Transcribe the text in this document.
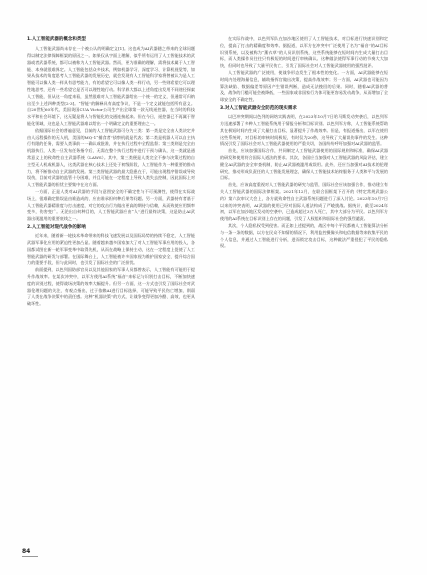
1.人工智能武器的概念和类型

人工智能武器尚未存在一个被公认的明确定义[1]。这也成为AI武器随之带来的全球问题得以制定法律保障框架的原因之一。如果仅从字面上理解，似乎所有运用了人工智能技术的武器或者武器系统，都可以被称为人工智能武器。然而，更为准确的理解，需将技术属于人工智能、本身就很难界定。人工智能包括众多技术，例如机器学习、深度学习、计算机视觉等，如果从技术的角度思考人工智能武器的发展历史，就会发现有人工智能科学家将曾被认为是人工智能可以像人类一样具有思考能力，有的希望它可以像人类一样行动，另一些则希望它可以理性地思考，还有一些希望它是否可以理性地行动。科学界大都以上述角度出发用不同途径探索人工智能，但从这一角度来看，虽然很难对人工智能武器给出一个统一的定义，但通常可归纳出至少上述四种类型[2-3]。“智能”的解释具有高度争议，不是一个定义就能包括所有意义。自20世纪60年代，美国英国CUA Victor公司生产出全球第一款无线遥控器，在当时的科技水平和社会环境下，这无疑是将人与智能化的交通连接起来。但在今日，遥控器已不再属于智能化领域，这也是人工智能武器难以给出一个明确定义的重要理由之一。

依据国际社会的普遍意见，目前的人工智能武器可分为三类：第一类是完全由人类决定并由人远程操作的无人机，美国的MQ-1“捕食者”侦察机就是代表；第二类是机器人可以自主执行有限的任务，需要人类事前一一确认或批准，并在执行过程中全程监督；第三类则是完全由机器执行，人类一旦发布任务指令后，无需在整个执行过程中进行干预与确认，这一类就是通常意义上的致命性自主武器系统（LAWS）。其中，第三类便是人类完全不参与决策过程的自主型无人机或机器人，这类武器在核心技术上还处于初级阶段，人工智能作为一种重要的推动力，将不断推动自主武器的发展。第三类智能武器的最大隐患在于，可能出现程序错误或导致误伤，目前对武器的监管十分困难，并且可能在一定程度上导致人类失去控制，因此国际上对人工智能武器的担忧主要集中在这方面。

一方面，正是人类对AI武器的手段与意图安全的不确定性与不可预测性，使得在实际战场上，很难确定错误是由谁造成的、应由谁承担何种后果等问题。另一方面，武器持有者基于人工智能武器精准度与打击速度，对它的攻击行为做出更高的期待与信赖，从而致使应用频率变多，伤害变广。无论出自何种目的，人工智能武器应由“人”进行最终决策，这是防止AI武器出现滥用的重要底线之一。

2.人工智能对现代战争的影响

近年来，随着新一轮技术革命带来的科技飞速发展以及国际局势的持续不稳定，人工智能武器军事化应用的紧迫性更加凸显。随着越来越多国家加大了对人工智能军事应用的投入，各国都试图在新一轮军事变革中取得先机，从而在战略上保持主动，这在一定程度上促使了人工智能武器的研发与部署。在国际舞台上，人工智能被许多国家视为维护国家安全、提升综合国力的重要手段，但与此同时，也引发了国际社会的广泛担忧。

前面提到，以色列国防部官员以及其他国家的军事人员都曾表示，人工智能有可能用于提升作战效率。在某次冲突中，以军方使用AI系统“福音”来标记与识别打击目标，不断加快速度的识别过程，使得战场决策的效率大幅提升。但另一方面，这一方式也引发了国际社会对武器伦理问题的关注，有观点指出，过于依赖AI进行目标选择，可能导致平民伤亡增加，削弱了人类在战争决策中的责任感。这种“机器决策”的方式，让战争变得更加冷酷、高效，也更具破坏性。

在实际作战中，以色列军队在加沙地区使用了人工智能技术，对目标进行快速识别和定位，提高了打击的精确度和效率。据报道，以军方在冲突中广泛使用了名为“福音”的AI目标识别系统，以及被称为“薰衣草”的人员识别系统，这些系统能够在短时间内生成大量打击目标，而人类操作员往往只有极短的时间进行审核确认。这种做法使得军事行动的节奏大大加快，但同时也导致了大量平民伤亡，引发了国际社会对人工智能武器使用的强烈批评。

人工智能武器的广泛使用，使战争形态发生了根本性的变化。一方面，AI武器能够在短时间内处理海量信息，辅助指挥官做出决策，提高作战效率；另一方面，AI武器也可能因为算法缺陷、数据偏差等原因产生错误判断，造成无法挽回的后果。同时，随着AI武器的普及，战争的门槛可能会被降低，一些国家或非国家行为体可能更容易发动战争，从而增加了全球安全的不确定性。

3.对人工智能武器安全防范的现实需求

以巴冲突期间以色列的网络实践表明，在2023年10月7日哈马斯发动突袭后，以色列军方迅速部署了多种人工智能系统用于情报分析和目标识别。以色列军方称，人工智能系统帮助其在极短时间内生成了大量打击目标，显著提升了作战效率。但是，有报道指出，以军在使用这些系统时，对目标的审核时间极短，有时仅为20秒，这导致了大量误伤事件的发生。这种情况引发了国际社会对人工智能武器使用的严重关切，各国纷纷呼吁加强对AI武器的监管。

首先，应该加强国际合作，共同制定人工智能武器使用的国际规则和标准，确保AI武器的研发和使用符合国际人道法的要求。其次，各国应当加强对人工智能武器的风险评估，建立健全AI武器的安全审查机制，防止AI武器被滥用或误用。此外，还应当加强对AI技术的伦理研究，推动形成负责任的人工智能发展理念，确保人工智能技术始终服务于人类和平与发展的目标。

首先，应该高度重视对人工智能武器的研究与监管，国际社会应该加强合作，推动建立有关人工智能武器的国际法律框架。2021年12月，在联合国框架下召开的《特定常规武器公约》第六次审议大会上，各方就致命性自主武器系统问题进行了深入讨论。2023年10月7日以来的冲突表明，AI武器的使用已经对国际人道法构成了严峻挑战。据统计，截至2024年初，以军在加沙地区发动的空袭中，已造成超过3万人死亡，其中大部分为平民。以色列军方使用的AI系统在目标识别上存在的问题，引发了人权组织和国际社会的强烈谴责。

其次，个人隐私权受到侵害。而正如上述提到的，战区中每个平民都被人工智能算法分析与一条一条的数据，以方在民众不知情的情况下，利用监控摄像头和电信数据等来收集平民的个人信息，并通过人工智能进行分析，进而锁定攻击目标，这种做法严重侵犯了平民的隐私权。

84
